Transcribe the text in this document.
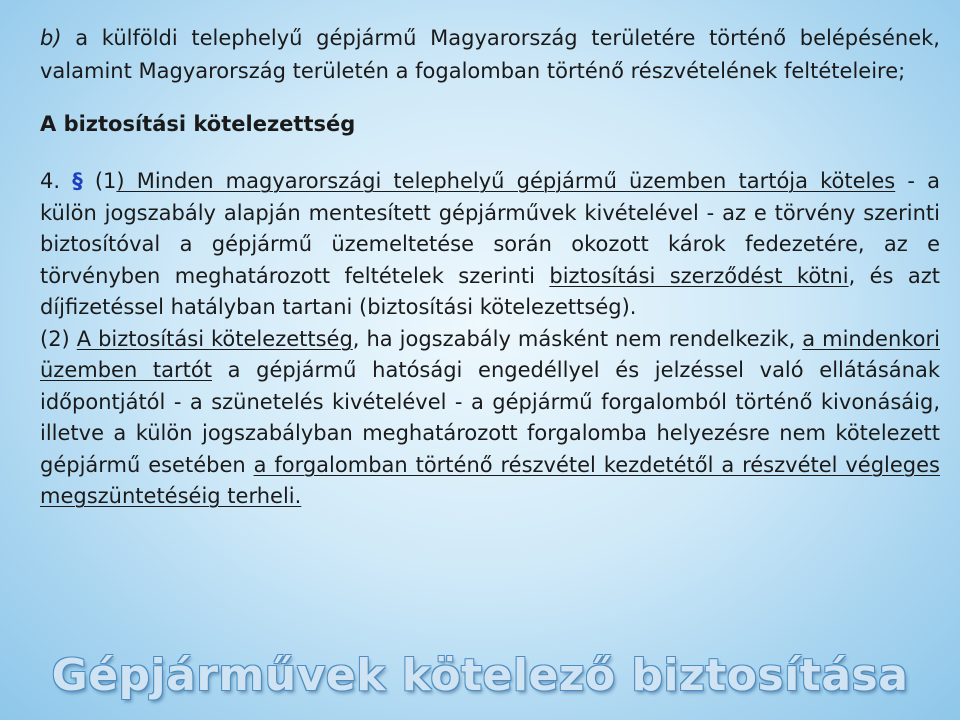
b) a külföldi telephelyű gépjármű Magyarország területére történő belépésének, valamint Magyarország területén a fogalomban történő részvételének feltételeire;

A biztosítási kötelezettség

4. § (1) Minden magyarországi telephelyű gépjármű üzemben tartója köteles - a külön jogszabály alapján mentesített gépjárművek kivételével - az e törvény szerinti biztosítóval a gépjármű üzemeltetése során okozott károk fedezetére, az e törvényben meghatározott feltételek szerinti biztosítási szerződést kötni, és azt díjfizetéssel hatályban tartani (biztosítási kötelezettség).

(2) A biztosítási kötelezettség, ha jogszabály másként nem rendelkezik, a mindenkori üzemben tartót a gépjármű hatósági engedéllyel és jelzéssel való ellátásának időpontjától - a szünetelés kivételével - a gépjármű forgalomból történő kivonásáig, illetve a külön jogszabályban meghatározott forgalomba helyezésre nem kötelezett gépjármű esetében a forgalomban történő részvétel kezdetétől a részvétel végleges megszüntetéséig terheli.

Gépjárművek kötelező biztosítása
